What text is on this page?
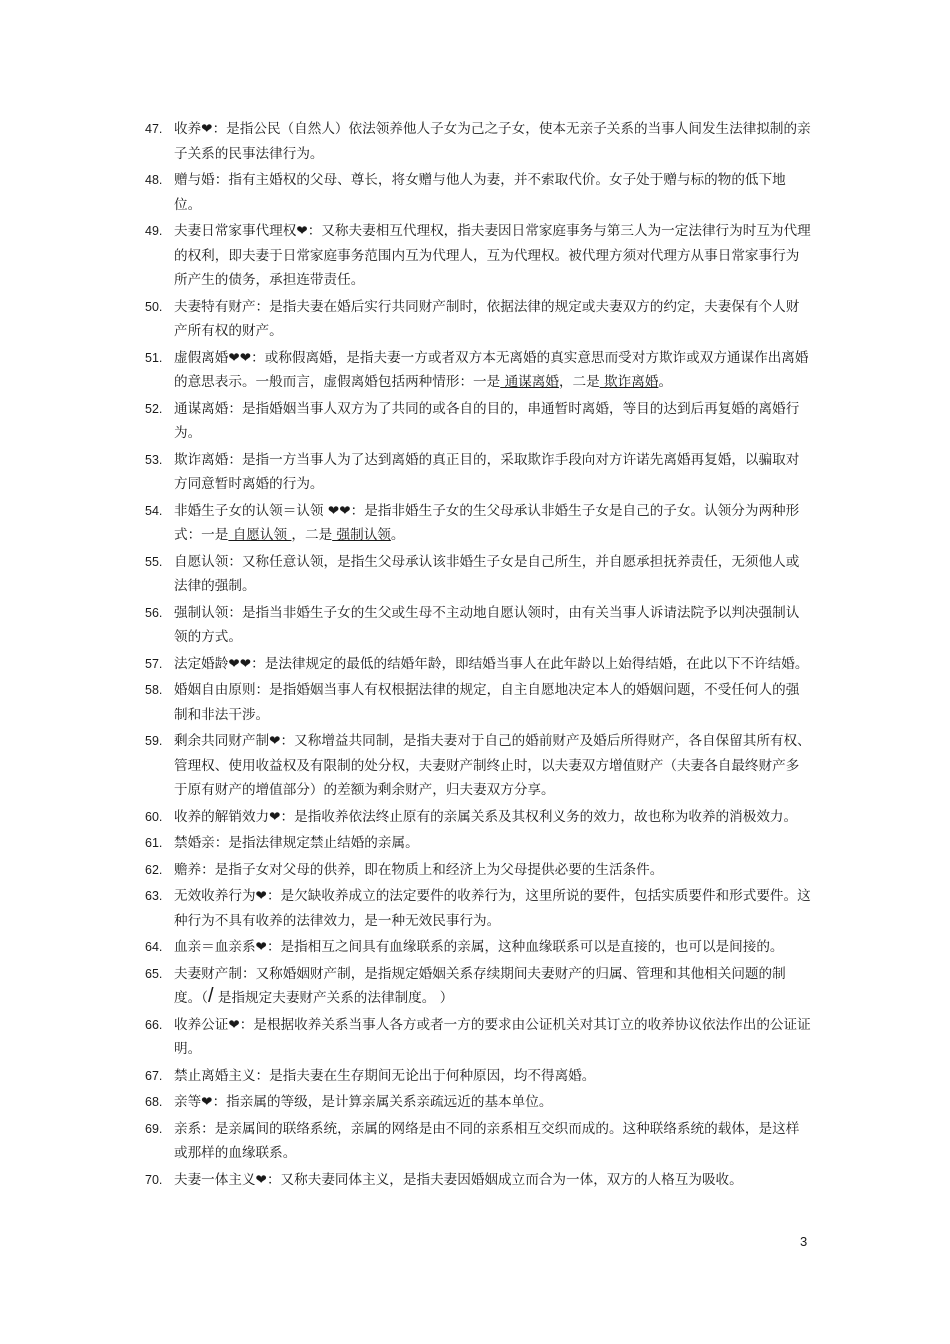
47. 收养❤：是指公民（自然人）依法领养他人子女为己之子女，使本无亲子关系的当事人间发生法律拟制的亲子关系的民事法律行为。
48. 赠与婚：指有主婚权的父母、尊长，将女赠与他人为妻，并不索取代价。女子处于赠与标的物的低下地位。
49. 夫妻日常家事代理权❤：又称夫妻相互代理权，指夫妻因日常家庭事务与第三人为一定法律行为时互为代理的权利，即夫妻于日常家庭事务范围内互为代理人，互为代理权。被代理方须对代理方从事日常家事行为所产生的债务，承担连带责任。
50. 夫妻特有财产：是指夫妻在婚后实行共同财产制时，依据法律的规定或夫妻双方的约定，夫妻保有个人财产所有权的财产。
51. 虚假离婚❤❤：或称假离婚，是指夫妻一方或者双方本无离婚的真实意思而受对方欺诈或双方通谋作出离婚的意思表示。一般而言，虚假离婚包括两种情形：一是 通谋离婚，二是 欺诈离婚。
52. 通谋离婚：是指婚姻当事人双方为了共同的或各自的目的，串通暂时离婚，等目的达到后再复婚的离婚行为。
53. 欺诈离婚：是指一方当事人为了达到离婚的真正目的，采取欺诈手段向对方许诺先离婚再复婚，以骗取对方同意暂时离婚的行为。
54. 非婚生子女的认领＝认领 ❤❤：是指非婚生子女的生父母承认非婚生子女是自己的子女。认领分为两种形式：一是 自愿认领 ，二是 强制认领。
55. 自愿认领：又称任意认领，是指生父母承认该非婚生子女是自己所生，并自愿承担抚养责任，无须他人或法律的强制。
56. 强制认领：是指当非婚生子女的生父或生母不主动地自愿认领时，由有关当事人诉请法院予以判决强制认领的方式。
57. 法定婚龄❤❤：是法律规定的最低的结婚年龄，即结婚当事人在此年龄以上始得结婚，在此以下不许结婚。
58. 婚姻自由原则：是指婚姻当事人有权根据法律的规定，自主自愿地决定本人的婚姻问题，不受任何人的强制和非法干涉。
59. 剩余共同财产制❤：又称增益共同制，是指夫妻对于自己的婚前财产及婚后所得财产，各自保留其所有权、管理权、使用收益权及有限制的处分权，夫妻财产制终止时，以夫妻双方增值财产（夫妻各自最终财产多于原有财产的增值部分）的差额为剩余财产，归夫妻双方分享。
60. 收养的解销效力❤：是指收养依法终止原有的亲属关系及其权利义务的效力，故也称为收养的消极效力。
61. 禁婚亲：是指法律规定禁止结婚的亲属。
62. 赡养：是指子女对父母的供养，即在物质上和经济上为父母提供必要的生活条件。
63. 无效收养行为❤：是欠缺收养成立的法定要件的收养行为，这里所说的要件，包括实质要件和形式要件。这种行为不具有收养的法律效力，是一种无效民事行为。
64. 血亲＝血亲系❤：是指相互之间具有血缘联系的亲属，这种血缘联系可以是直接的，也可以是间接的。
65. 夫妻财产制：又称婚姻财产制，是指规定婚姻关系存续期间夫妻财产的归属、管理和其他相关问题的制度。（/ 是指规定夫妻财产关系的法律制度。 ）
66. 收养公证❤：是根据收养关系当事人各方或者一方的要求由公证机关对其订立的收养协议依法作出的公证证明。
67. 禁止离婚主义：是指夫妻在生存期间无论出于何种原因，均不得离婚。
68. 亲等❤：指亲属的等级，是计算亲属关系亲疏远近的基本单位。
69. 亲系：是亲属间的联络系统，亲属的网络是由不同的亲系相互交织而成的。这种联络系统的载体，是这样或那样的血缘联系。
70. 夫妻一体主义❤：又称夫妻同体主义，是指夫妻因婚姻成立而合为一体，双方的人格互为吸收。
3
